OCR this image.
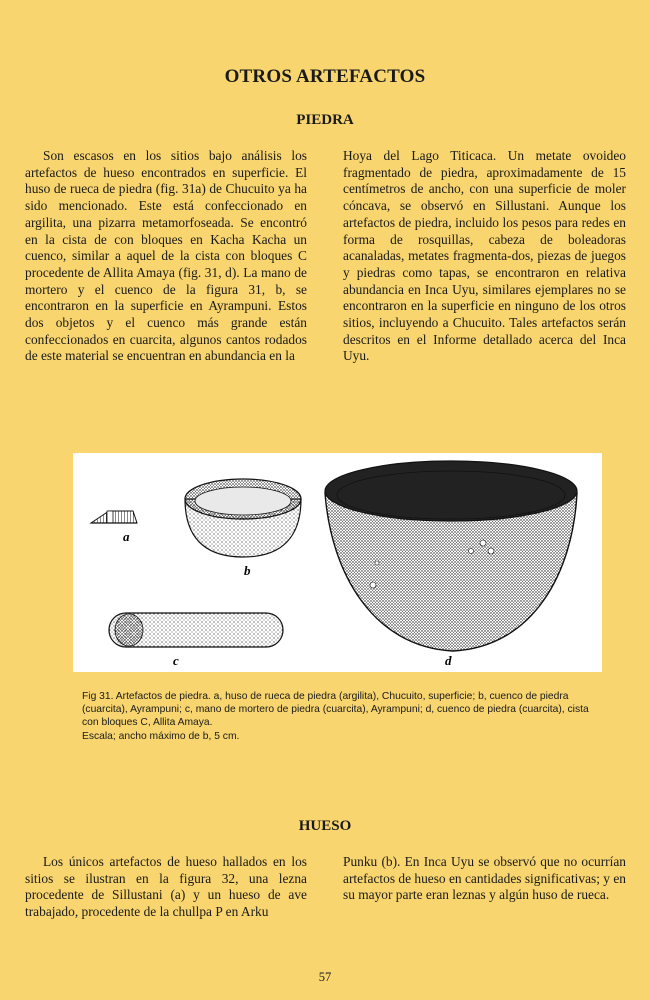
OTROS ARTEFACTOS
PIEDRA

Son escasos en los sitios bajo análisis los artefactos de hueso encontrados en superficie. El huso de rueca de piedra (fig. 31a) de Chucuito ya ha sido mencionado. Este está confeccionado en argilita, una pizarra metamorfoseada. Se encontró en la cista de con bloques en Kacha Kacha un cuenco, similar a aquel de la cista con bloques C procedente de Allita Amaya (fig. 31, d). La mano de mortero y el cuenco de la figura 31, b, se encontraron en la superficie en Ayrampuni. Estos dos objetos y el cuenco más grande están confeccionados en cuarcita, algunos cantos rodados de este material se encuentran en abundancia en la

Hoya del Lago Titicaca. Un metate ovoideo fragmentado de piedra, aproximadamente de 15 centímetros de ancho, con una superficie de moler cóncava, se observó en Sillustani. Aunque los artefactos de piedra, incluido los pesos para redes en forma de rosquillas, cabeza de boleadoras acanaladas, metates fragmenta-dos, piezas de juegos y piedras como tapas, se encontraron en relativa abundancia en Inca Uyu, similares ejemplares no se encontraron en la superficie en ninguno de los otros sitios, incluyendo a Chucuito. Tales artefactos serán descritos en el Informe detallado acerca del Inca Uyu.

a
b
c	d
Fig 31. Artefactos de piedra. a, huso de rueca de piedra (argilita), Chucuito, superficie; b, cuenco de piedra
(cuarcita), Ayrampuni; c, mano de mortero de piedra (cuarcita), Ayrampuni; d, cuenco de piedra (cuarcita), cista
con bloques C, Allita Amaya.
Escala; ancho máximo de b, 5 cm.
HUESO

Los únicos artefactos de hueso hallados en los sitios se ilustran en la figura 32, una lezna procedente de Sillustani (a) y un hueso de ave trabajado, procedente de la chullpa P en Arku

Punku (b). En Inca Uyu se observó que no ocurrían artefactos de hueso en cantidades significativas; y en su mayor parte eran leznas y algún huso de rueca.

57
